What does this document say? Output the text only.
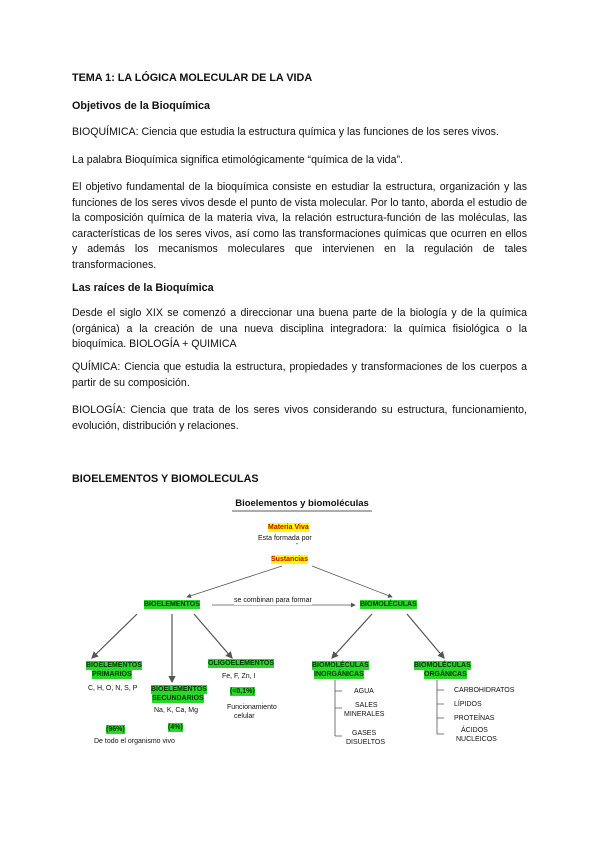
TEMA 1: LA LÓGICA MOLECULAR DE LA VIDA
Objetivos de la Bioquímica
BIOQUÍMICA: Ciencia que estudia la estructura química y las funciones de los seres vivos.
La palabra Bioquímica significa etimológicamente “química de la vida”.
El objetivo fundamental de la bioquímica consiste en estudiar la estructura, organización y las funciones de los seres vivos desde el punto de vista molecular. Por lo tanto, aborda el estudio de la composición química de la materia viva, la relación estructura-función de las moléculas, las características de los seres vivos, así como las transformaciones químicas que ocurren en ellos y además los mecanismos moleculares que intervienen en la regulación de tales transformaciones.
Las raíces de la Bioquímica
Desde el siglo XIX se comenzó a direccionar una buena parte de la biología y de la química (orgánica) a la creación de una nueva disciplina integradora: la química fisiológica o la bioquímica. BIOLOGÍA + QUIMICA
QUÍMICA: Ciencia que estudia la estructura, propiedades y transformaciones de los cuerpos a partir de su composición.
BIOLOGÍA: Ciencia que trata de los seres vivos considerando su estructura, funcionamiento, evolución, distribución y relaciones.
BIOELEMENTOS Y BIOMOLECULAS
Bioelementos y biomoléculas
Materia Viva
Esta formada por
Sustancias
BIOELEMENTOS
se combinan para formar
BIOMOLÉCULAS
BIOELEMENTOS
PRIMARIOS
C, H, O, N, S, P
(96%)
De todo el organismo vivo
BIOELEMENTOS
SECUNDARIOS
Na, K, Ca, Mg
(4%)
OLIGOELEMENTOS
Fe, F, Zn, I
(<0,1%)
Funcionamiento
celular
BIOMOLÉCULAS
INORGÁNICAS
AGUA
SALES
MINERALES
GASES
DISUELTOS
BIOMOLÉCULAS
ORGÁNICAS
CARBOHIDRATOS
LÍPIDOS
PROTEÍNAS
ÁCIDOS
NUCLEICOS
